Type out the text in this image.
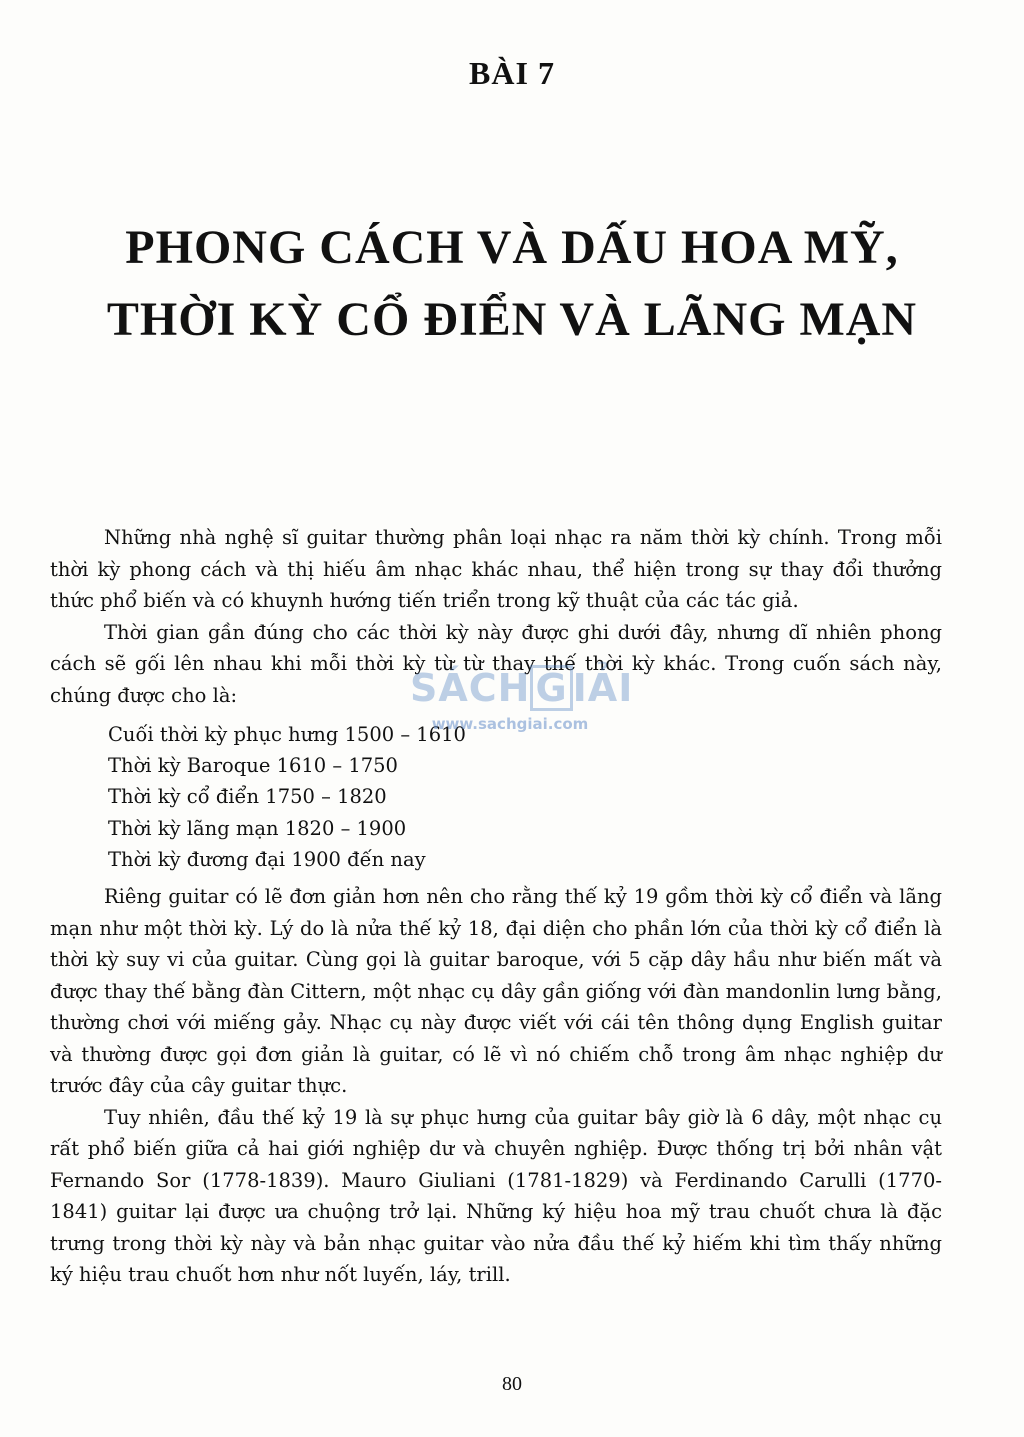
BÀI 7
PHONG CÁCH VÀ DẤU HOA MỸ,
THỜI KỲ CỔ ĐIỂN VÀ LÃNG MẠN

Những nhà nghệ sĩ guitar thường phân loại nhạc ra năm thời kỳ chính. Trong mỗi thời kỳ phong cách và thị hiếu âm nhạc khác nhau, thể hiện trong sự thay đổi thưởng thức phổ biến và có khuynh hướng tiến triển trong kỹ thuật của các tác giả.

Thời gian gần đúng cho các thời kỳ này được ghi dưới đây, nhưng dĩ nhiên phong cách sẽ gối lên nhau khi mỗi thời kỳ từ từ thay thế thời kỳ khác. Trong cuốn sách này, chúng được cho là:

Cuối thời kỳ phục hưng 1500 – 1610
Thời kỳ Baroque 1610 – 1750
Thời kỳ cổ điển 1750 – 1820
Thời kỳ lãng mạn 1820 – 1900
Thời kỳ đương đại 1900 đến nay

Riêng guitar có lẽ đơn giản hơn nên cho rằng thế kỷ 19 gồm thời kỳ cổ điển và lãng mạn như một thời kỳ. Lý do là nửa thế kỷ 18, đại diện cho phần lớn của thời kỳ cổ điển là thời kỳ suy vi của guitar. Cùng gọi là guitar baroque, với 5 cặp dây hầu như biến mất và được thay thế bằng đàn Cittern, một nhạc cụ dây gần giống với đàn mandonlin lưng bằng, thường chơi với miếng gảy. Nhạc cụ này được viết với cái tên thông dụng English guitar và thường được gọi đơn giản là guitar, có lẽ vì nó chiếm chỗ trong âm nhạc nghiệp dư trước đây của cây guitar thực.

Tuy nhiên, đầu thế kỷ 19 là sự phục hưng của guitar bây giờ là 6 dây, một nhạc cụ rất phổ biến giữa cả hai giới nghiệp dư và chuyên nghiệp. Được thống trị bởi nhân vật Fernando Sor (1778-1839). Mauro Giuliani (1781-1829) và Ferdinando Carulli (1770-1841) guitar lại được ưa chuộng trở lại. Những ký hiệu hoa mỹ trau chuốt chưa là đặc trưng trong thời kỳ này và bản nhạc guitar vào nửa đầu thế kỷ hiếm khi tìm thấy những ký hiệu trau chuốt hơn như nốt luyến, láy, trill.

SÁCH G IẢI
www.sachgiai.com
80
